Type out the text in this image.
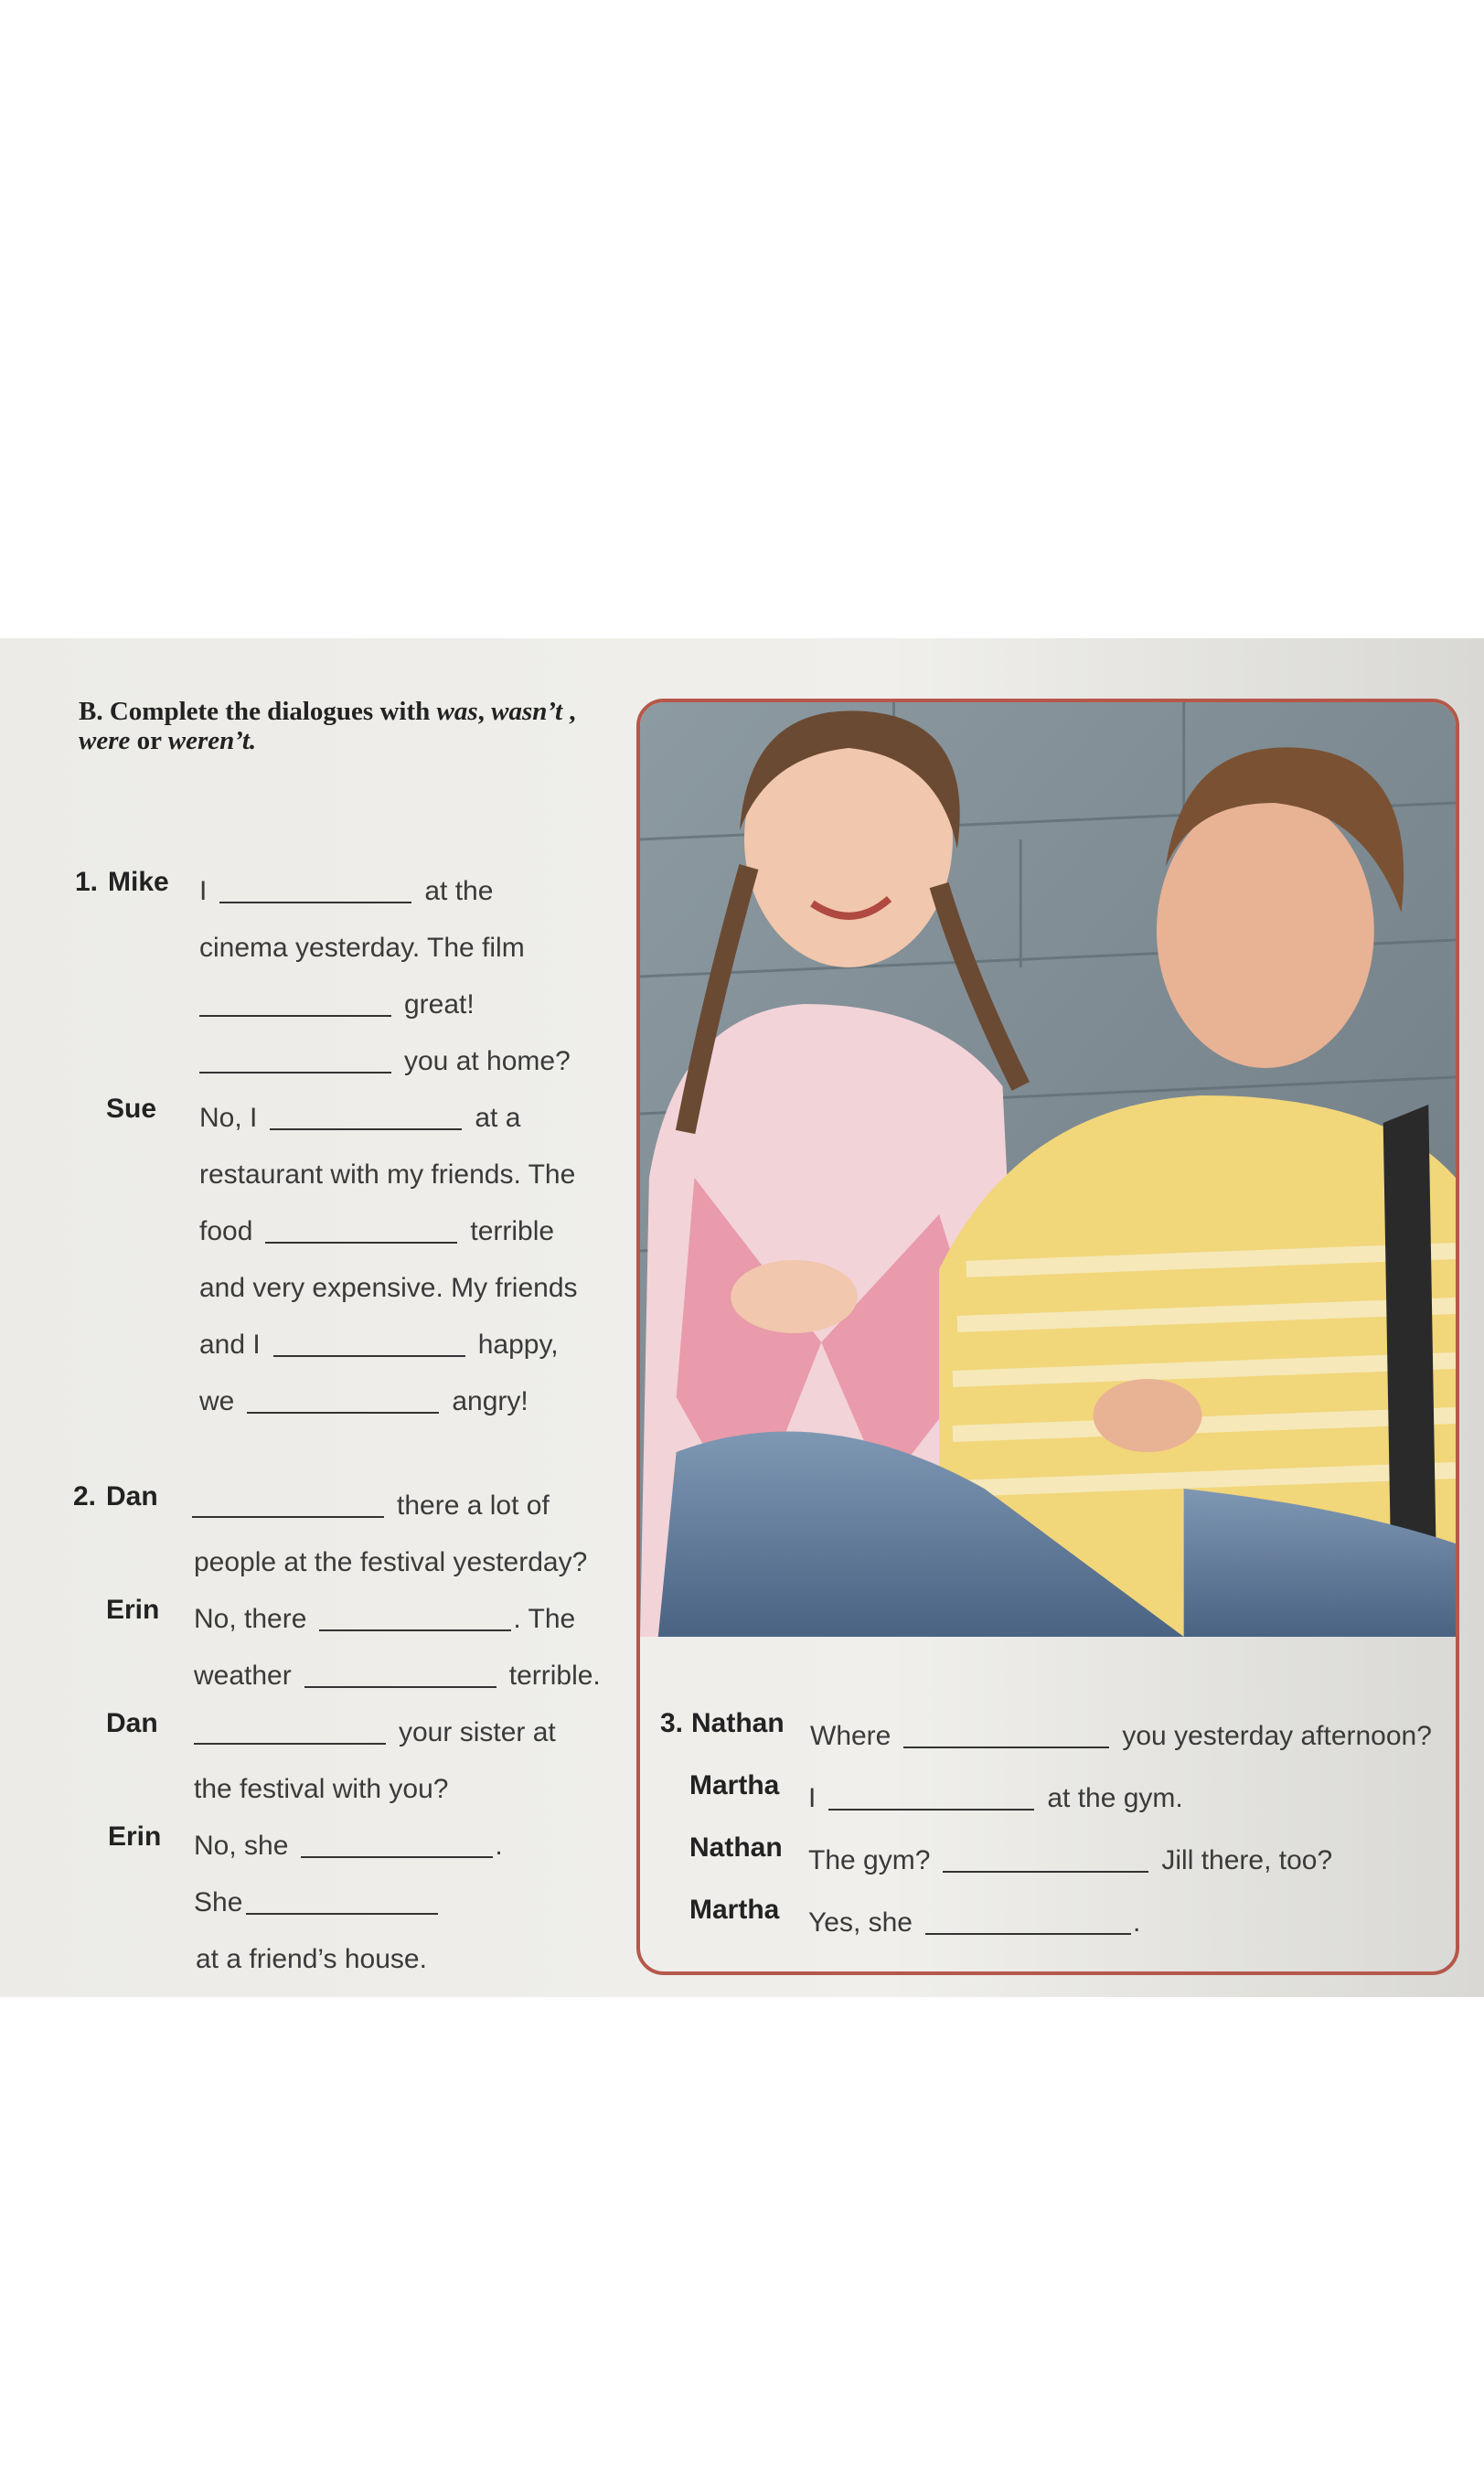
B. Complete the dialogues with was, wasn’t ,
were or weren’t.
1. Mike I	at the
cinema yesterday. The film
great!
you at home?
Sue No, I	at a
restaurant with my friends. The
food	terrible
and very expensive. My friends
and I	happy,
we	angry!
2. Dan	there a lot of
people at the festival yesterday?
Erin No, there	. The
weather	terrible.
Dan	your sister at
the festival with you?
Erin No, she	.
She
at a friend’s house.
3. Nathan Where	you yesterday afternoon?
Martha I	at the gym.
Nathan The gym?	Jill there, too?
Martha Yes, she	.
